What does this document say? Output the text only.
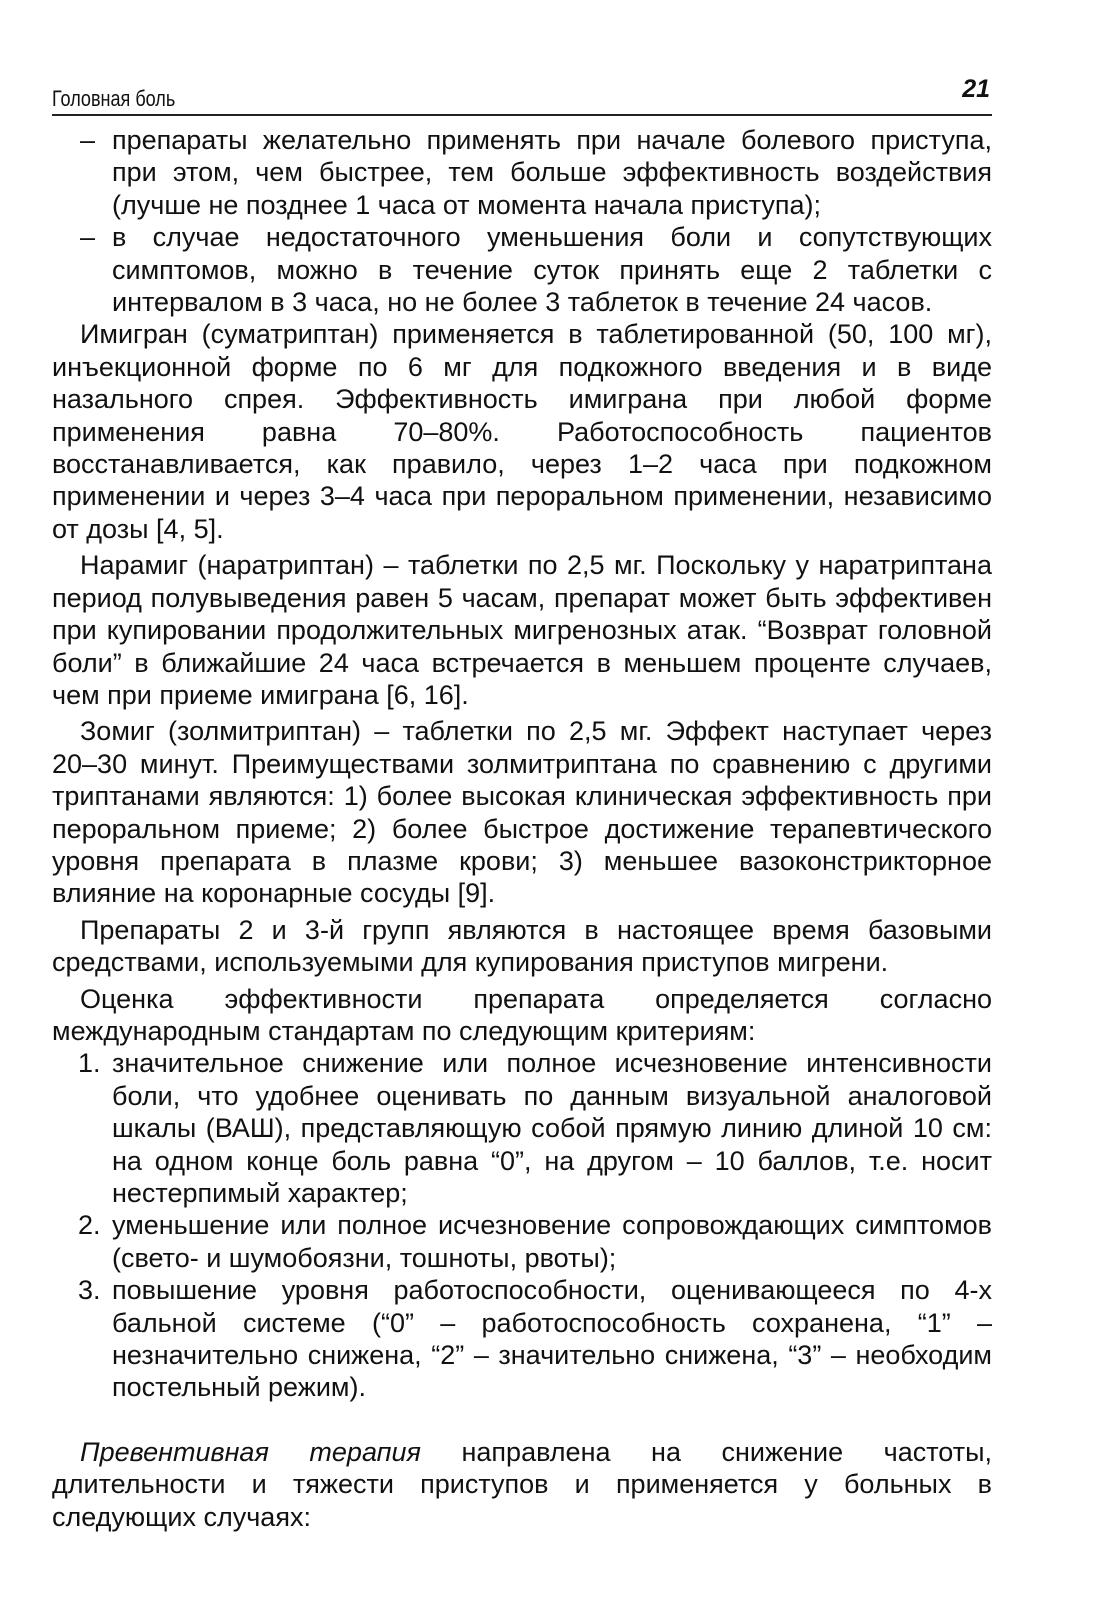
Головная боль	21
– препараты желательно применять при начале болевого приступа, при этом, чем быстрее, тем больше эффективность воздействия (лучше не позднее 1 часа от момента начала приступа);
– в случае недостаточного уменьшения боли и сопутствующих симптомов, можно в течение суток принять еще 2 таблетки с интервалом в 3 часа, но не более 3 таблеток в течение 24 часов.

Имигран (суматриптан) применяется в таблетированной (50, 100 мг), инъекционной форме по 6 мг для подкожного введения и в виде назального спрея. Эффективность имиграна при любой форме применения равна 70–80%. Работоспособность пациентов восстанавливается, как правило, через 1–2 часа при подкожном применении и через 3–4 часа при пероральном применении, независимо от дозы [4, 5].

Нарамиг (наратриптан) – таблетки по 2,5 мг. Поскольку у наратриптана период полувыведения равен 5 часам, препарат может быть эффективен при купировании продолжительных мигренозных атак. “Возврат головной боли” в ближайшие 24 часа встречается в меньшем проценте случаев, чем при приеме имиграна [6, 16].

Зомиг (золмитриптан) – таблетки по 2,5 мг. Эффект наступает через 20–30 минут. Преимуществами золмитриптана по сравнению с другими триптанами являются: 1) более высокая клиническая эффективность при пероральном приеме; 2) более быстрое достижение терапевтического уровня препарата в плазме крови; 3) меньшее вазоконстрикторное влияние на коронарные сосуды [9].

Препараты 2 и 3-й групп являются в настоящее время базовыми средствами, используемыми для купирования приступов мигрени.

Оценка эффективности препарата определяется согласно международным стандартам по следующим критериям:

1. значительное снижение или полное исчезновение интенсивности боли, что удобнее оценивать по данным визуальной аналоговой шкалы (ВАШ), представляющую собой прямую линию длиной 10 см: на одном конце боль равна “0”, на другом – 10 баллов, т.е. носит нестерпимый характер;
2. уменьшение или полное исчезновение сопровождающих симптомов (свето- и шумобоязни, тошноты, рвоты);
3. повышение уровня работоспособности, оценивающееся по 4-х бальной системе (“0” – работоспособность сохранена, “1” – незначительно снижена, “2” – значительно снижена, “3” – необходим постельный режим).

Превентивная терапия направлена на снижение частоты, длительности и тяжести приступов и применяется у больных в следующих случаях:
